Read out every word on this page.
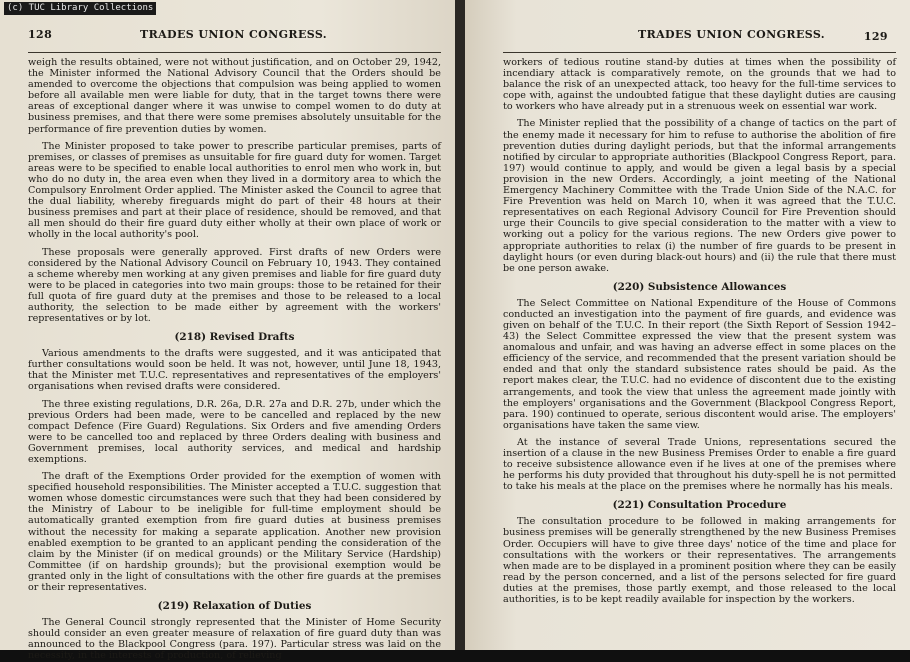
(c) TUC Library Collections
128	TRADES UNION CONGRESS.

weigh the results obtained, were not without justification, and on October 29, 1942, the Minister informed the National Advisory Council that the Orders should be amended to overcome the objections that compulsion was being applied to women before all available men were liable for duty, that in the target towns there were areas of exceptional danger where it was unwise to compel women to do duty at business premises, and that there were some premises absolutely unsuitable for the performance of fire prevention duties by women.

The Minister proposed to take power to prescribe particular premises, parts of premises, or classes of premises as unsuitable for fire guard duty for women. Target areas were to be specified to enable local authorities to enrol men who work in, but who do no duty in, the area even when they lived in a dormitory area to which the Compulsory Enrolment Order applied. The Minister asked the Council to agree that the dual liability, whereby fireguards might do part of their 48 hours at their business premises and part at their place of residence, should be removed, and that all men should do their fire guard duty either wholly at their own place of work or wholly in the local authority's pool.

These proposals were generally approved. First drafts of new Orders were considered by the National Advisory Council on February 10, 1943. They contained a scheme whereby men working at any given premises and liable for fire guard duty were to be placed in categories into two main groups: those to be retained for their full quota of fire guard duty at the premises and those to be released to a local authority, the selection to be made either by agreement with the workers' representatives or by lot.

(218) Revised Drafts

Various amendments to the drafts were suggested, and it was anticipated that further consultations would soon be held. It was not, however, until June 18, 1943, that the Minister met T.U.C. representatives and representatives of the employers' organisations when revised drafts were considered.

The three existing regulations, D.R. 26a, D.R. 27a and D.R. 27b, under which the previous Orders had been made, were to be cancelled and replaced by the new compact Defence (Fire Guard) Regulations. Six Orders and five amending Orders were to be cancelled too and replaced by three Orders dealing with business and Government premises, local authority services, and medical and hardship exemptions.

The draft of the Exemptions Order provided for the exemption of women with specified household responsibilities. The Minister accepted a T.U.C. suggestion that women whose domestic circumstances were such that they had been considered by the Ministry of Labour to be ineligible for full-time employment should be automatically granted exemption from fire guard duties at business premises without the necessity for making a separate application. Another new provision enabled exemption to be granted to an applicant pending the consideration of the claim by the Minister (if on medical grounds) or the Military Service (Hardship) Committee (if on hardship grounds); but the provisional exemption would be granted only in the light of consultations with the other fire guards at the premises or their representatives.

(219) Relaxation of Duties

The General Council strongly represented that the Minister of Home Security should consider an even greater measure of relaxation of fire guard duty than was announced to the Blackpool Congress (para. 197). Particular stress was laid on the necessity, in the interests of production, of relieving

TRADES UNION CONGRESS.	129

workers of tedious routine stand-by duties at times when the possibility of incendiary attack is comparatively remote, on the grounds that we had to balance the risk of an unexpected attack, too heavy for the full-time services to cope with, against the undoubted fatigue that these daylight duties are causing to workers who have already put in a strenuous week on essential war work.

The Minister replied that the possibility of a change of tactics on the part of the enemy made it necessary for him to refuse to authorise the abolition of fire prevention duties during daylight periods, but that the informal arrangements notified by circular to appropriate authorities (Blackpool Congress Report, para. 197) would continue to apply, and would be given a legal basis by a special provision in the new Orders. Accordingly, a joint meeting of the National Emergency Machinery Committee with the Trade Union Side of the N.A.C. for Fire Prevention was held on March 10, when it was agreed that the T.U.C. representatives on each Regional Advisory Council for Fire Prevention should urge their Councils to give special consideration to the matter with a view to working out a policy for the various regions. The new Orders give power to appropriate authorities to relax (i) the number of fire guards to be present in daylight hours (or even during black-out hours) and (ii) the rule that there must be one person awake.

(220) Subsistence Allowances

The Select Committee on National Expenditure of the House of Commons conducted an investigation into the payment of fire guards, and evidence was given on behalf of the T.U.C. In their report (the Sixth Report of Session 1942–43) the Select Committee expressed the view that the present system was anomalous and unfair, and was having an adverse effect in some places on the efficiency of the service, and recommended that the present variation should be ended and that only the standard subsistence rates should be paid. As the report makes clear, the T.U.C. had no evidence of discontent due to the existing arrangements, and took the view that unless the agreement made jointly with the employers' organisations and the Government (Blackpool Congress Report, para. 190) continued to operate, serious discontent would arise. The employers' organisations have taken the same view.

At the instance of several Trade Unions, representations secured the insertion of a clause in the new Business Premises Order to enable a fire guard to receive subsistence allowance even if he lives at one of the premises where he performs his duty provided that throughout his duty-spell he is not permitted to take his meals at the place on the premises where he normally has his meals.

(221) Consultation Procedure

The consultation procedure to be followed in making arrangements for business premises will be generally strengthened by the new Business Premises Order. Occupiers will have to give three days' notice of the time and place for consultations with the workers or their representatives. The arrangements when made are to be displayed in a prominent position where they can be easily read by the person concerned, and a list of the persons selected for fire guard duties at the premises, those partly exempt, and those released to the local authorities, is to be kept readily available for inspection by the workers.
